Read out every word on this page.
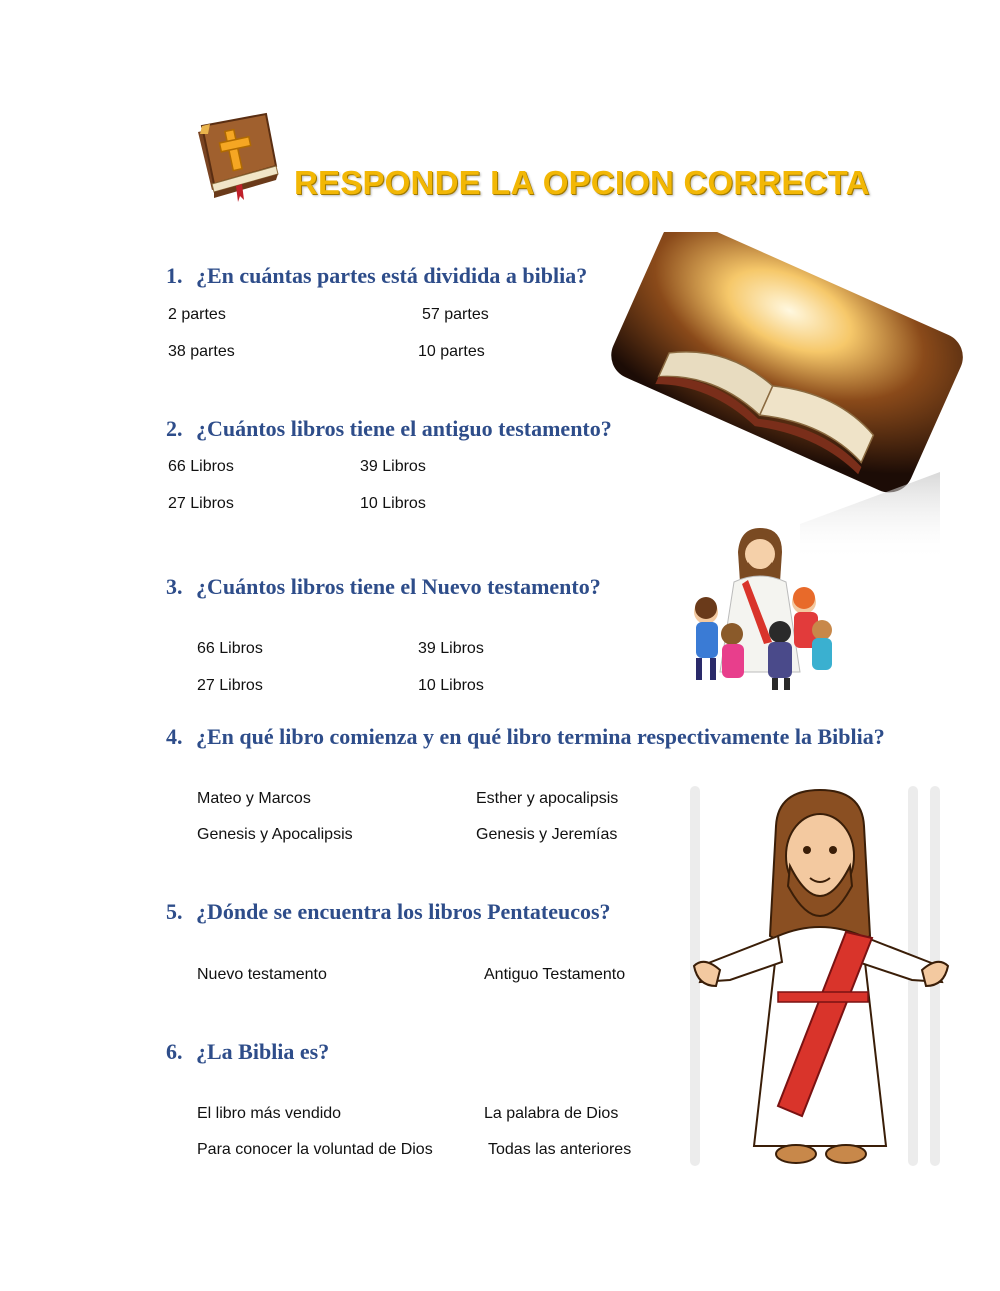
RESPONDE LA OPCION CORRECTA
1. ¿En cuántas partes está dividida a biblia?
2 partes	57 partes
38 partes	10 partes
2. ¿Cuántos libros tiene el antiguo testamento?
66 Libros	39 Libros
27 Libros	10 Libros
3. ¿Cuántos libros tiene el Nuevo testamento?
66 Libros	39 Libros
27 Libros	10 Libros
4. ¿En qué libro comienza y en qué libro termina respectivamente la Biblia?
Mateo y Marcos	Esther y apocalipsis
Genesis y Apocalipsis	Genesis y Jeremías
5. ¿Dónde se encuentra los libros Pentateucos?
Nuevo testamento	Antiguo Testamento
6. ¿La Biblia es?
El libro más vendido	La palabra de Dios
Para conocer la voluntad de Dios	Todas las anteriores
